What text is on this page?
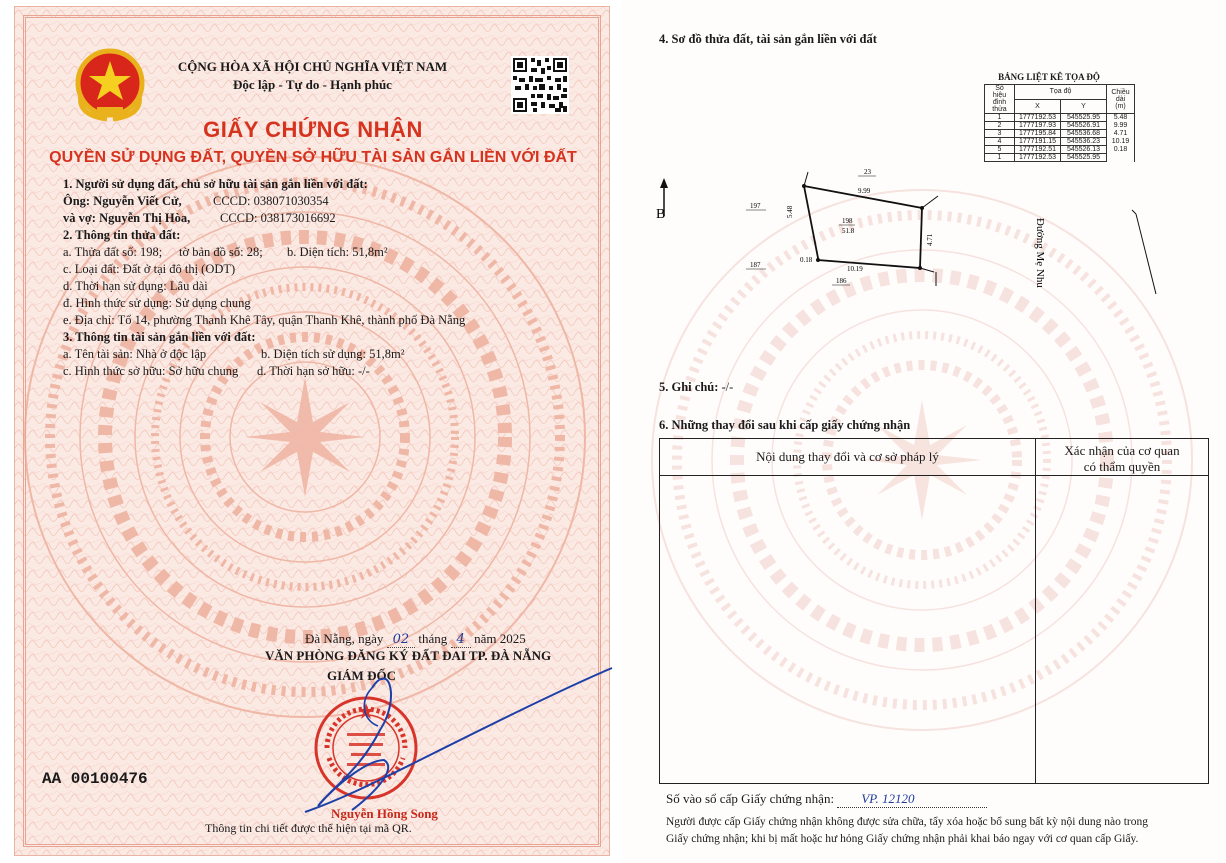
CỘNG HÒA XÃ HỘI CHỦ NGHĨA VIỆT NAM
Độc lập - Tự do - Hạnh phúc
GIẤY CHỨNG NHẬN
QUYỀN SỬ DỤNG ĐẤT, QUYỀN SỞ HỮU TÀI SẢN GẮN LIỀN VỚI ĐẤT
1. Người sử dụng đất, chủ sở hữu tài sản gắn liền với đất:
Ông: Nguyễn Viết Cử,	CCCD: 038071030354
và vợ: Nguyễn Thị Hòa, CCCD: 038173016692
2. Thông tin thửa đất:
a. Thửa đất số: 198; tờ bản đồ số: 28; b. Diện tích: 51,8m²
c. Loại đất: Đất ở tại đô thị (ODT)
d. Thời hạn sử dụng: Lâu dài
đ. Hình thức sử dụng: Sử dụng chung
e. Địa chỉ: Tổ 14, phường Thanh Khê Tây, quận Thanh Khê, thành phố Đà Nẵng
3. Thông tin tài sản gắn liền với đất:
a. Tên tài sản: Nhà ở độc lập	b. Diện tích sử dụng: 51,8m²
c. Hình thức sở hữu: Sở hữu chung d. Thời hạn sở hữu: -/-
Đà Nẵng, ngày 02 tháng 4 năm 2025
VĂN PHÒNG ĐĂNG KÝ ĐẤT ĐAI TP. ĐÀ NẴNG
GIÁM ĐỐC
Nguyễn Hồng Song
AA 00100476
Thông tin chi tiết được thể hiện tại mã QR.
4. Sơ đồ thửa đất, tài sản gắn liền với đất
BẢNG LIỆT KÊ TỌA ĐỘ
Số hiệu đỉnh thửa	Tọa độ		Chiều dài (m)
	X	Y	
1	1777192.53	545525.95	5.48
2	1777197.93	545526.91	9.99
3	1777195.84	545536.68	4.71
4	1777191.15	545536.23	10.19
5	1777192.51	545526.13	0.18
1	1777192.53	545525.95	
B
23
197
187
186
198
51.8
9.99
5.48
4.71
10.19
0.18	Đường Mẹ Nhu
5. Ghi chú: -/-
6. Những thay đổi sau khi cấp giấy chứng nhận
Nội dung thay đổi và cơ sở pháp lý	Xác nhận của cơ quan
có thẩm quyền

Số vào sổ cấp Giấy chứng nhận: VP. 12120
Người được cấp Giấy chứng nhận không được sửa chữa, tẩy xóa hoặc bổ sung bất kỳ nội dung nào trong
Giấy chứng nhận; khi bị mất hoặc hư hỏng Giấy chứng nhận phải khai báo ngay với cơ quan cấp Giấy.
